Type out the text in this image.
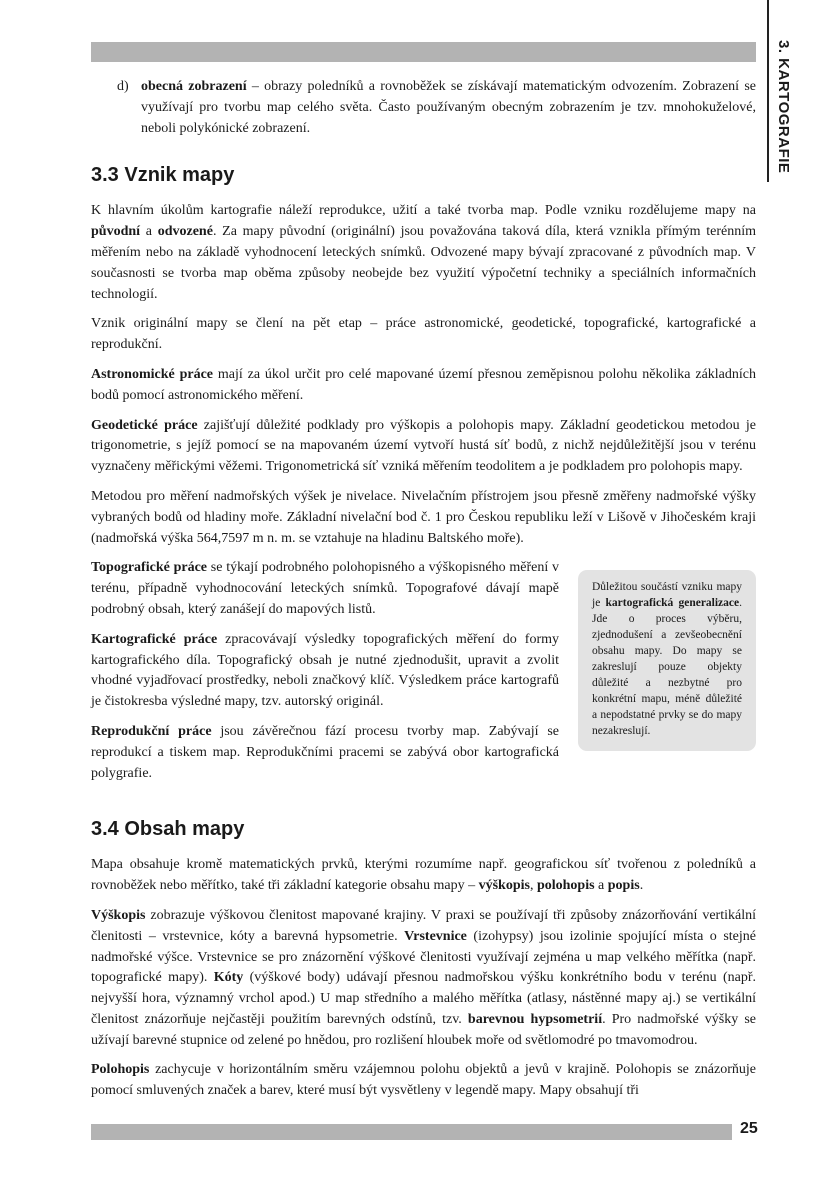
3. KARTOGRAFIE
d) obecná zobrazení – obrazy poledníků a rovnoběžek se získávají matematickým odvozením. Zobrazení se využívají pro tvorbu map celého světa. Často používaným obecným zobrazením je tzv. mnohokuželové, neboli polykónické zobrazení.
3.3 Vznik mapy

K hlavním úkolům kartografie náleží reprodukce, užití a také tvorba map. Podle vzniku rozdělujeme mapy na původní a odvozené. Za mapy původní (originální) jsou považována taková díla, která vznikla přímým terénním měřením nebo na základě vyhodnocení leteckých snímků. Odvozené mapy bývají zpracované z původních map. V současnosti se tvorba map oběma způsoby neobejde bez využití výpočetní techniky a speciálních informačních technologií.

Vznik originální mapy se člení na pět etap – práce astronomické, geodetické, topografické, kartografické a reprodukční.

Astronomické práce mají za úkol určit pro celé mapované území přesnou zeměpisnou polohu několika základních bodů pomocí astronomického měření.

Geodetické práce zajišťují důležité podklady pro výškopis a polohopis mapy. Základní geodetickou metodou je trigonometrie, s jejíž pomocí se na mapovaném území vytvoří hustá síť bodů, z nichž nejdůležitější jsou v terénu vyznačeny měřickými věžemi. Trigonometrická síť vzniká měřením teodolitem a je podkladem pro polohopis mapy.

Metodou pro měření nadmořských výšek je nivelace. Nivelačním přístrojem jsou přesně změřeny nadmořské výšky vybraných bodů od hladiny moře. Základní nivelační bod č. 1 pro Českou republiku leží v Lišově v Jihočeském kraji (nadmořská výška 564,7597 m n. m. se vztahuje na hladinu Baltského moře).

Topografické práce se týkají podrobného polohopisného a výškopisného měření v terénu, případně vyhodnocování leteckých snímků. Topografové dávají mapě podrobný obsah, který zanášejí do mapových listů.

Kartografické práce zpracovávají výsledky topografických měření do formy kartografického díla. Topografický obsah je nutné zjednodušit, upravit a zvolit vhodné vyjadřovací prostředky, neboli značkový klíč. Výsledkem práce kartografů je čistokresba výsledné mapy, tzv. autorský originál.

Reprodukční práce jsou závěrečnou fází procesu tvorby map. Zabývají se reprodukcí a tiskem map. Reprodukčními pracemi se zabývá obor kartografická polygrafie.

Důležitou součástí vzniku mapy je kartografická generalizace. Jde o proces výběru, zjednodušení a zevšeobecnění obsahu mapy. Do mapy se zakreslují pouze objekty důležité a nezbytné pro konkrétní mapu, méně důležité a nepodstatné prvky se do mapy nezakreslují.
3.4 Obsah mapy

Mapa obsahuje kromě matematických prvků, kterými rozumíme např. geografickou síť tvořenou z poledníků a rovnoběžek nebo měřítko, také tři základní kategorie obsahu mapy – výškopis, polohopis a popis.

Výškopis zobrazuje výškovou členitost mapované krajiny. V praxi se používají tři způsoby znázorňování vertikální členitosti – vrstevnice, kóty a barevná hypsometrie. Vrstevnice (izohypsy) jsou izolinie spojující místa o stejné nadmořské výšce. Vrstevnice se pro znázornění výškové členitosti využívají zejména u map velkého měřítka (např. topografické mapy). Kóty (výškové body) udávají přesnou nadmořskou výšku konkrétního bodu v terénu (např. nejvyšší hora, významný vrchol apod.) U map středního a malého měřítka (atlasy, nástěnné mapy aj.) se vertikální členitost znázorňuje nejčastěji použitím barevných odstínů, tzv. barevnou hypsometrií. Pro nadmořské výšky se užívají barevné stupnice od zelené po hnědou, pro rozlišení hloubek moře od světlomodré po tmavomodrou.

Polohopis zachycuje v horizontálním směru vzájemnou polohu objektů a jevů v krajině. Polohopis se znázorňuje pomocí smluvených značek a barev, které musí být vysvětleny v legendě mapy. Mapy obsahují tři

25
